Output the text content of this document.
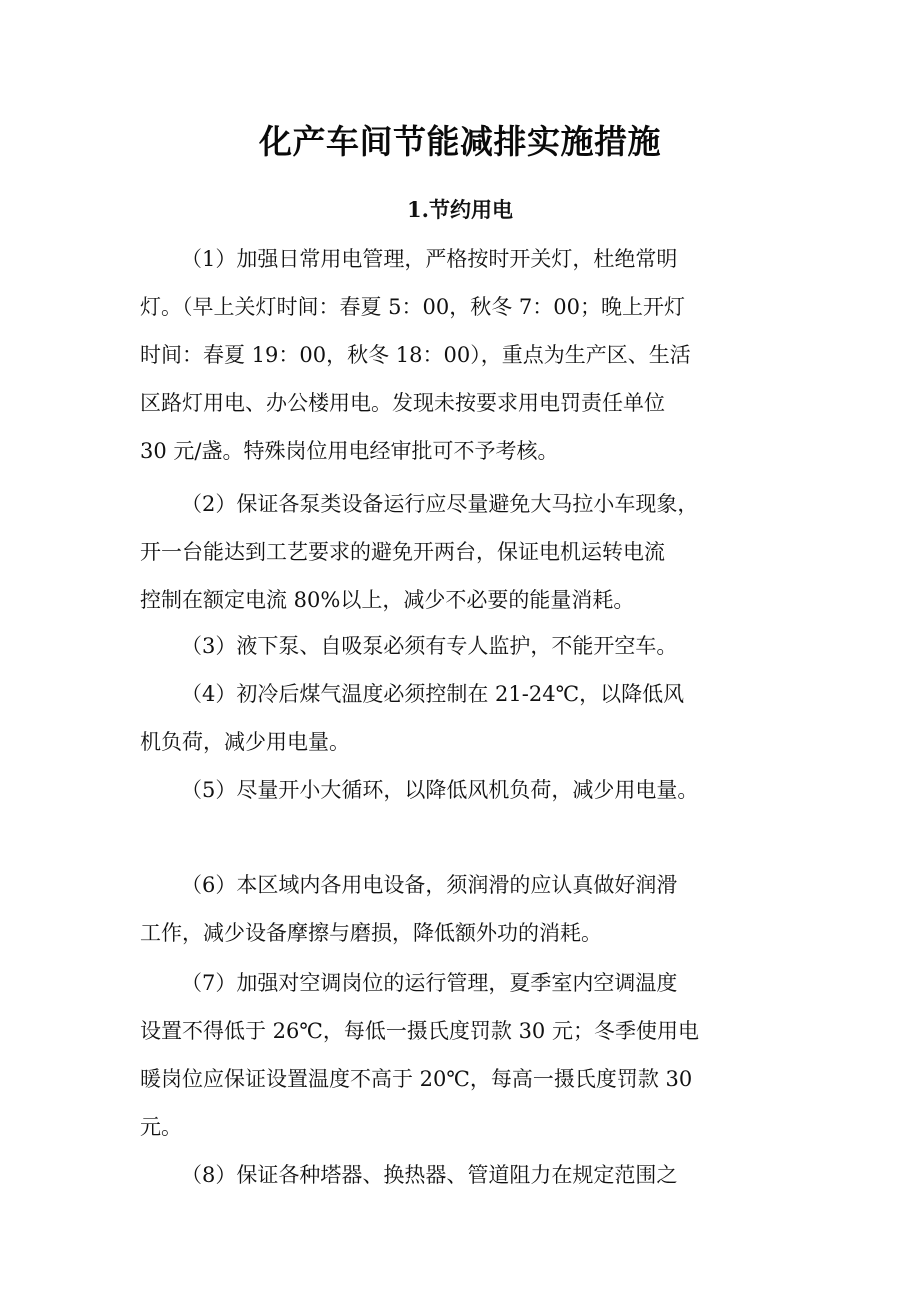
化产车间节能减排实施措施
1.节约用电

（1）加强日常用电管理，严格按时开关灯，杜绝常明

灯。（早上关灯时间：春夏 5：00，秋冬 7：00；晚上开灯

时间：春夏 19：00，秋冬 18：00），重点为生产区、生活

区路灯用电、办公楼用电。发现未按要求用电罚责任单位

30 元/盏。特殊岗位用电经审批可不予考核。

（2）保证各泵类设备运行应尽量避免大马拉小车现象，

开一台能达到工艺要求的避免开两台，保证电机运转电流

控制在额定电流 80%以上，减少不必要的能量消耗。

（3）液下泵、自吸泵必须有专人监护，不能开空车。

（4）初冷后煤气温度必须控制在 21-24℃，以降低风

机负荷，减少用电量。

（5）尽量开小大循环，以降低风机负荷，减少用电量。

（6）本区域内各用电设备，须润滑的应认真做好润滑

工作，减少设备摩擦与磨损，降低额外功的消耗。

（7）加强对空调岗位的运行管理，夏季室内空调温度

设置不得低于 26℃，每低一摄氏度罚款 30 元；冬季使用电

暖岗位应保证设置温度不高于 20℃，每高一摄氏度罚款 30

元。

（8）保证各种塔器、换热器、管道阻力在规定范围之
